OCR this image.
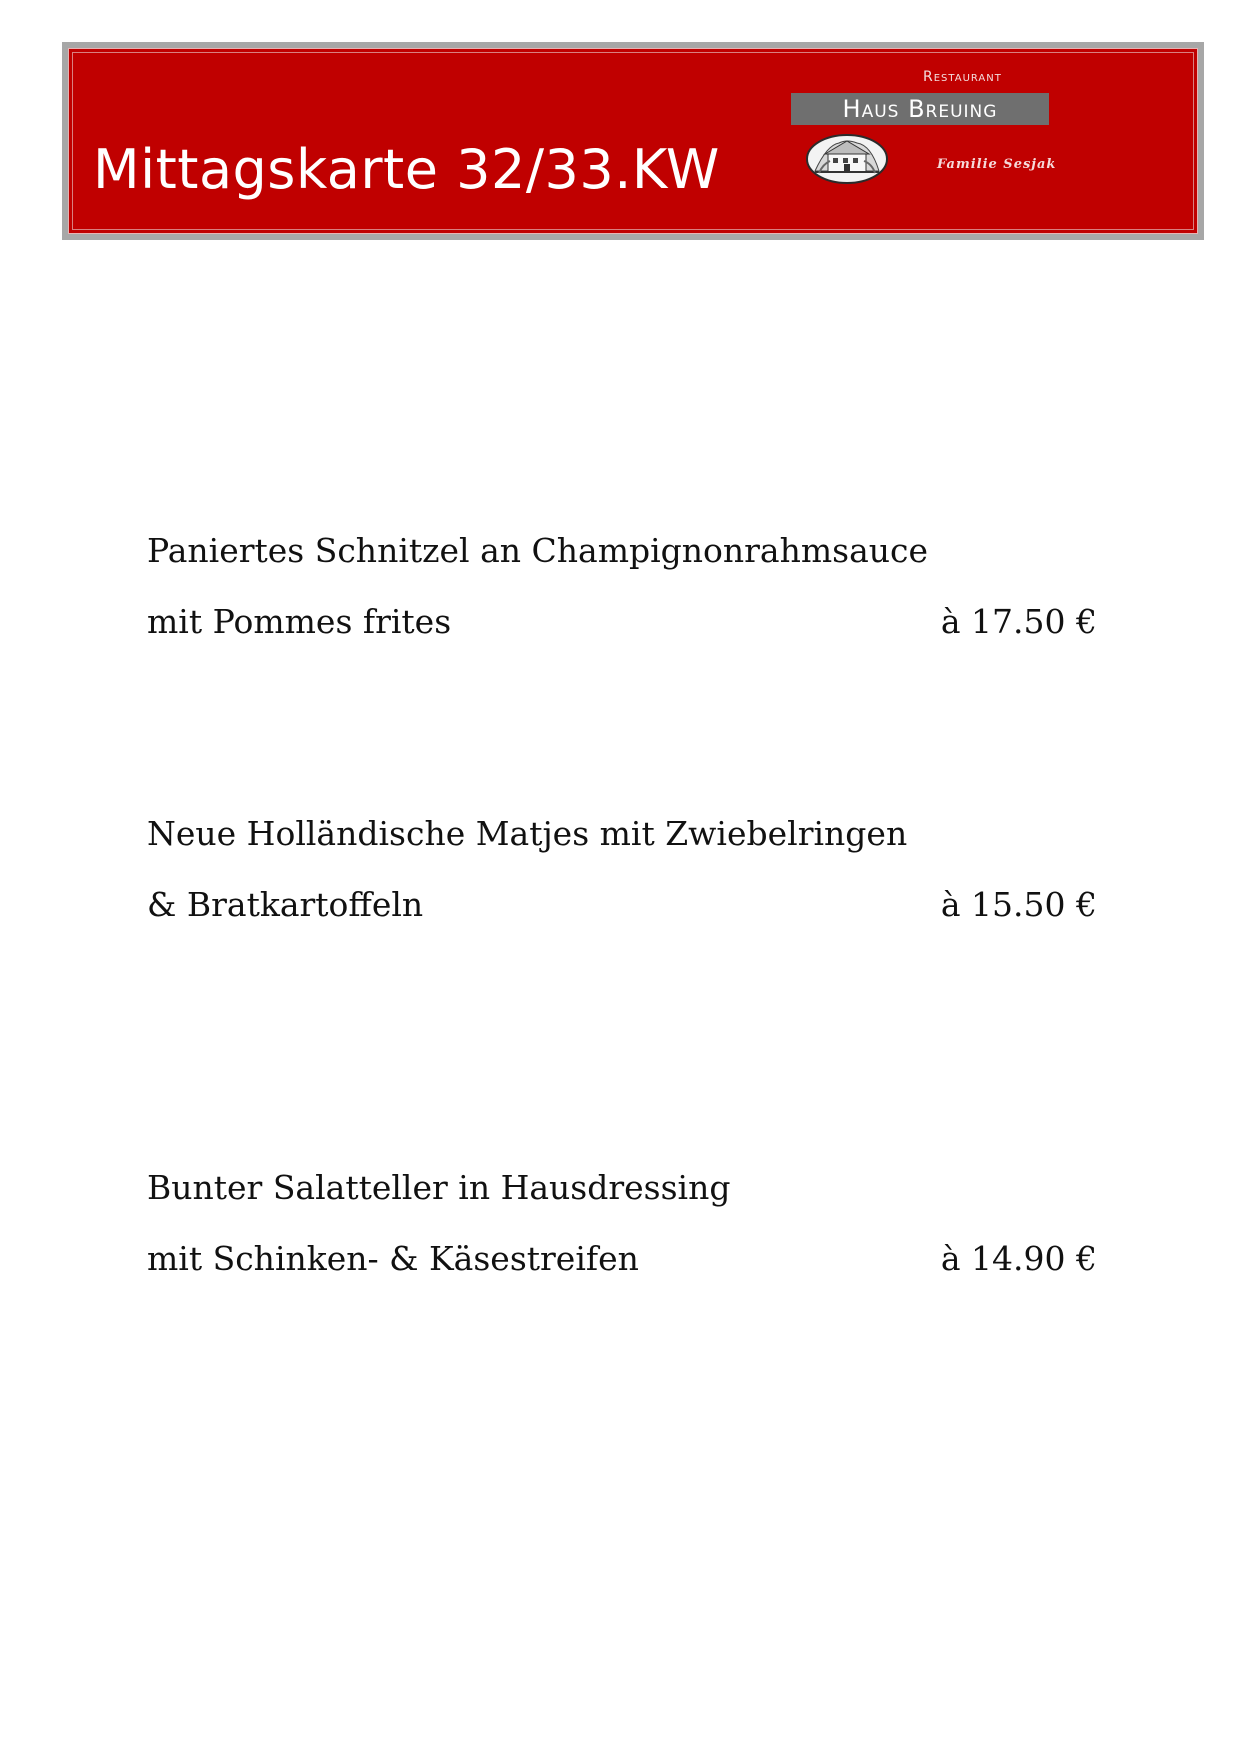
Mittagskarte 32/33.KW
Restaurant
Haus Breuing
Familie Sesjak
Paniertes Schnitzel an Champignonrahmsauce
mit Pommes frites	à 17.50 €
Neue Holländische Matjes mit Zwiebelringen
& Bratkartoffeln	à 15.50 €
Bunter Salatteller in Hausdressing
mit Schinken- & Käsestreifen	à 14.90 €
